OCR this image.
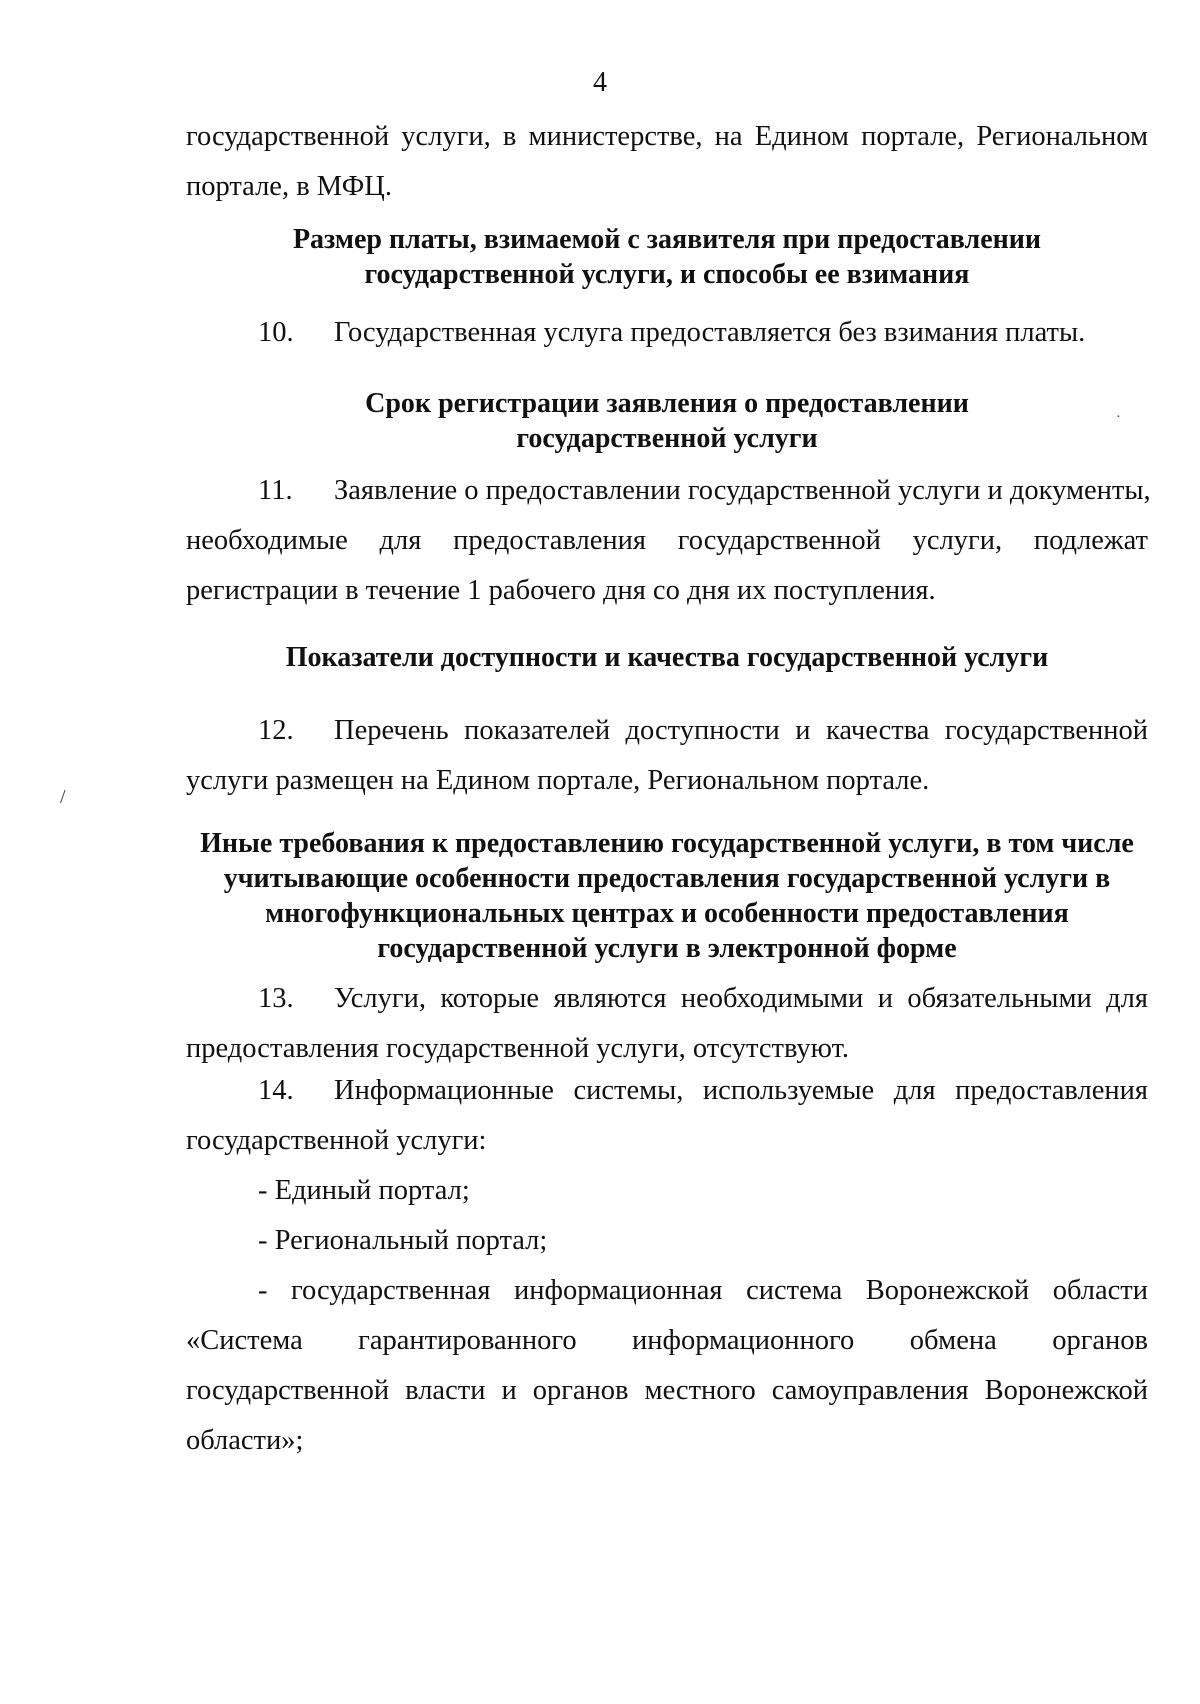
4
государственной услуги, в министерстве, на Едином портале, Региональном
портале, в МФЦ.
Размер платы, взимаемой с заявителя при предоставлении
государственной услуги, и способы ее взимания
10. Государственная услуга предоставляется без взимания платы.
Срок регистрации заявления о предоставлении
государственной услуги
11. Заявление о предоставлении государственной услуги и документы,
необходимые для предоставления государственной услуги, подлежат
регистрации в течение 1 рабочего дня со дня их поступления.
Показатели доступности и качества государственной услуги
12. Перечень показателей доступности и качества государственной
услуги размещен на Едином портале, Региональном портале.
/
·
Иные требования к предоставлению государственной услуги, в том числе
учитывающие особенности предоставления государственной услуги в
многофункциональных центрах и особенности предоставления
государственной услуги в электронной форме
13. Услуги, которые являются необходимыми и обязательными для
предоставления государственной услуги, отсутствуют.
14. Информационные системы, используемые для предоставления
государственной услуги:
- Единый портал;
- Региональный портал;
- государственная информационная система Воронежской области
«Система гарантированного информационного обмена органов
государственной власти и органов местного самоуправления Воронежской
области»;
